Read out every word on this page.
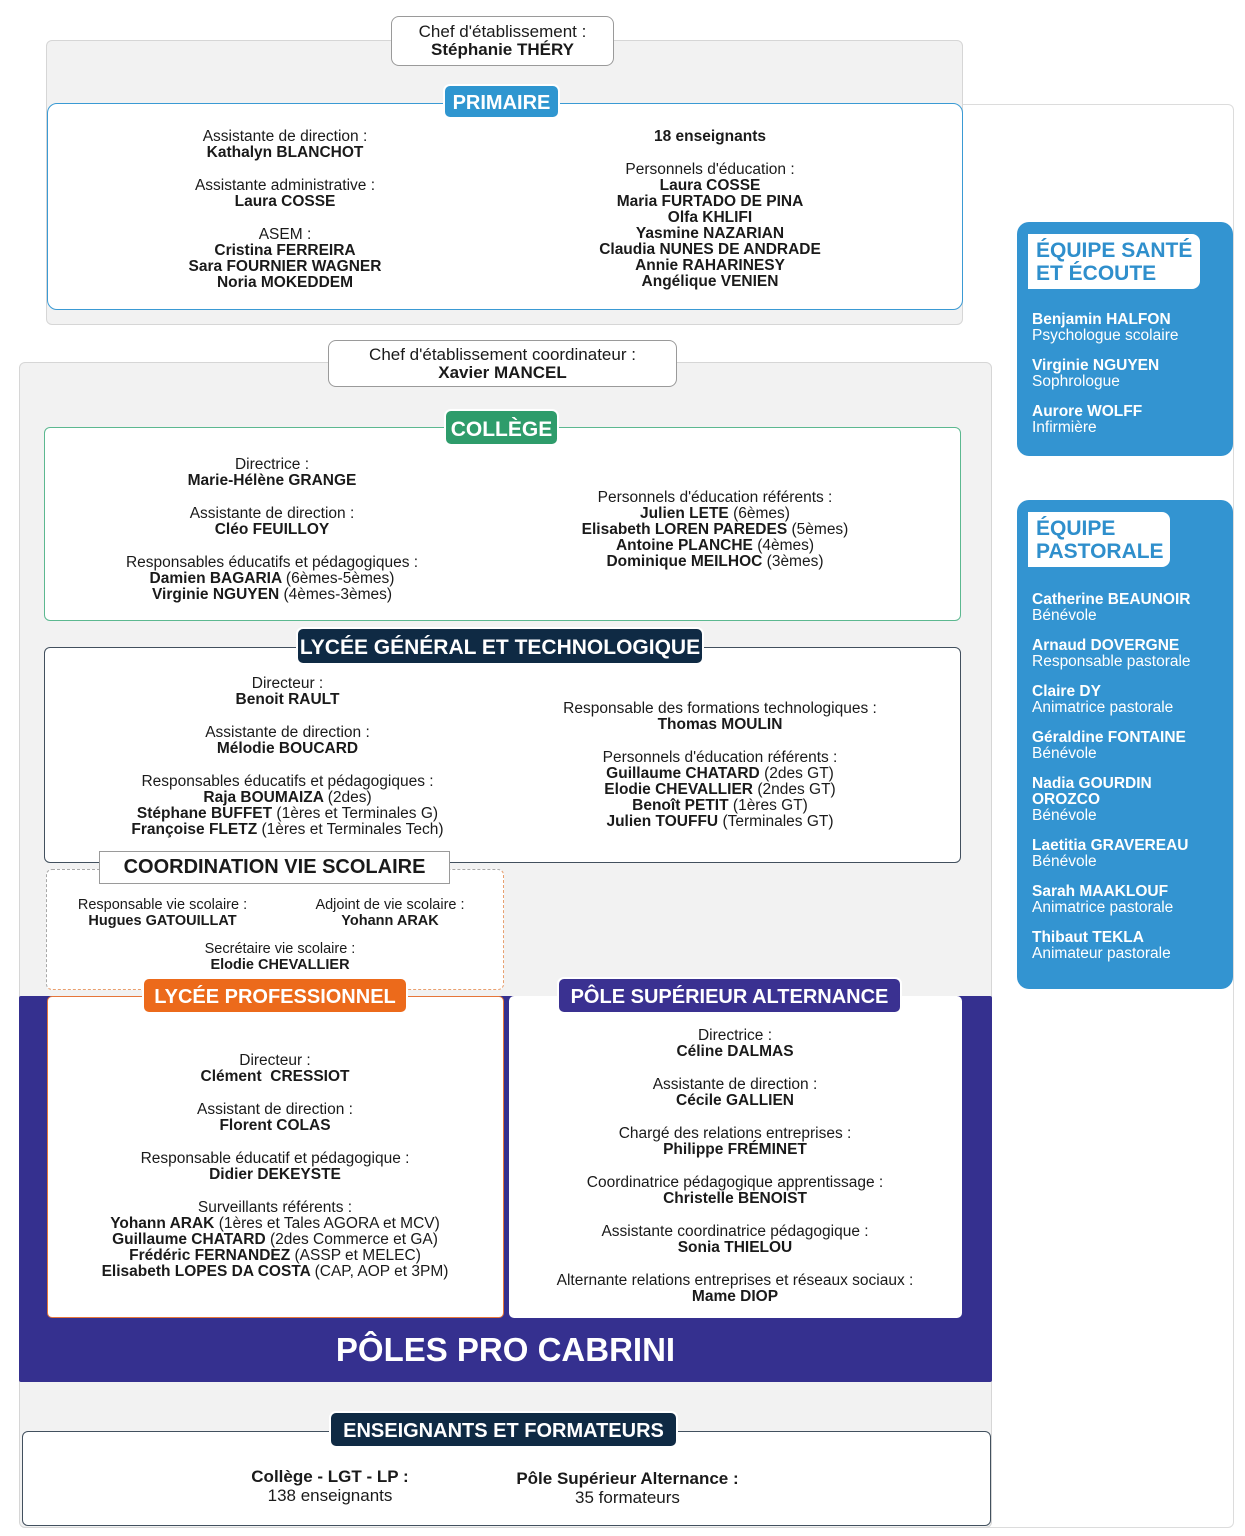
Chef d'établissement :
Stéphanie THÉRY
PRIMAIRE
Assistante de direction :
Kathalyn BLANCHOT
Assistante administrative :
Laura COSSE
ASEM :
Cristina FERREIRA
Sara FOURNIER WAGNER
Noria MOKEDDEM
18 enseignants
Personnels d'éducation :
Laura COSSE
Maria FURTADO DE PINA
Olfa KHLIFI
Yasmine NAZARIAN
Claudia NUNES DE ANDRADE
Annie RAHARINESY
Angélique VENIEN
Chef d'établissement coordinateur :
Xavier MANCEL
COLLÈGE
Directrice :
Marie-Hélène GRANGE
Assistante de direction :
Cléo FEUILLOY
Responsables éducatifs et pédagogiques :
Damien BAGARIA (6èmes-5èmes)
Virginie NGUYEN (4èmes-3èmes)
Personnels d'éducation référents :
Julien LETE (6èmes)
Elisabeth LOREN PAREDES (5èmes)
Antoine PLANCHE (4èmes)
Dominique MEILHOC (3èmes)
LYCÉE GÉNÉRAL ET TECHNOLOGIQUE
Directeur :
Benoit RAULT
Assistante de direction :
Mélodie BOUCARD
Responsables éducatifs et pédagogiques :
Raja BOUMAIZA (2des)
Stéphane BUFFET (1ères et Terminales G)
Françoise FLETZ (1ères et Terminales Tech)
Responsable des formations technologiques :
Thomas MOULIN
Personnels d'éducation référents :
Guillaume CHATARD (2des GT)
Elodie CHEVALLIER (2ndes GT)
Benoît PETIT (1ères GT)
Julien TOUFFU (Terminales GT)
COORDINATION VIE SCOLAIRE
Responsable vie scolaire :
Hugues GATOUILLAT
Adjoint de vie scolaire :
Yohann ARAK
Secrétaire vie scolaire :
Elodie CHEVALLIER
LYCÉE PROFESSIONNEL	PÔLE SUPÉRIEUR ALTERNANCE
Directeur :
Clément  CRESSIOT
Assistant de direction :
Florent COLAS
Responsable éducatif et pédagogique :
Didier DEKEYSTE
Surveillants référents :
Yohann ARAK (1ères et Tales AGORA et MCV)
Guillaume CHATARD (2des Commerce et GA)
Frédéric FERNANDEZ (ASSP et MELEC)
Elisabeth LOPES DA COSTA (CAP, AOP et 3PM)
Directrice :
Céline DALMAS
Assistante de direction :
Cécile GALLIEN
Chargé des relations entreprises :
Philippe FRÉMINET
Coordinatrice pédagogique apprentissage :
Christelle BENOIST
Assistante coordinatrice pédagogique :
Sonia THIELOU
Alternante relations entreprises et réseaux sociaux :
Mame DIOP
PÔLES PRO CABRINI
ENSEIGNANTS ET FORMATEURS
Collège - LGT - LP :
138 enseignants
Pôle Supérieur Alternance :
35 formateurs
ÉQUIPE SANTÉ
ET ÉCOUTE
Benjamin HALFON
Psychologue scolaire
Virginie NGUYEN
Sophrologue
Aurore WOLFF
Infirmière
ÉQUIPE
PASTORALE
Catherine BEAUNOIR
Bénévole
Arnaud DOVERGNE
Responsable pastorale
Claire DY
Animatrice pastorale
Géraldine FONTAINE
Bénévole
Nadia GOURDIN OROZCO
Bénévole
Laetitia GRAVEREAU
Bénévole
Sarah MAAKLOUF
Animatrice pastorale
Thibaut TEKLA
Animateur pastorale
